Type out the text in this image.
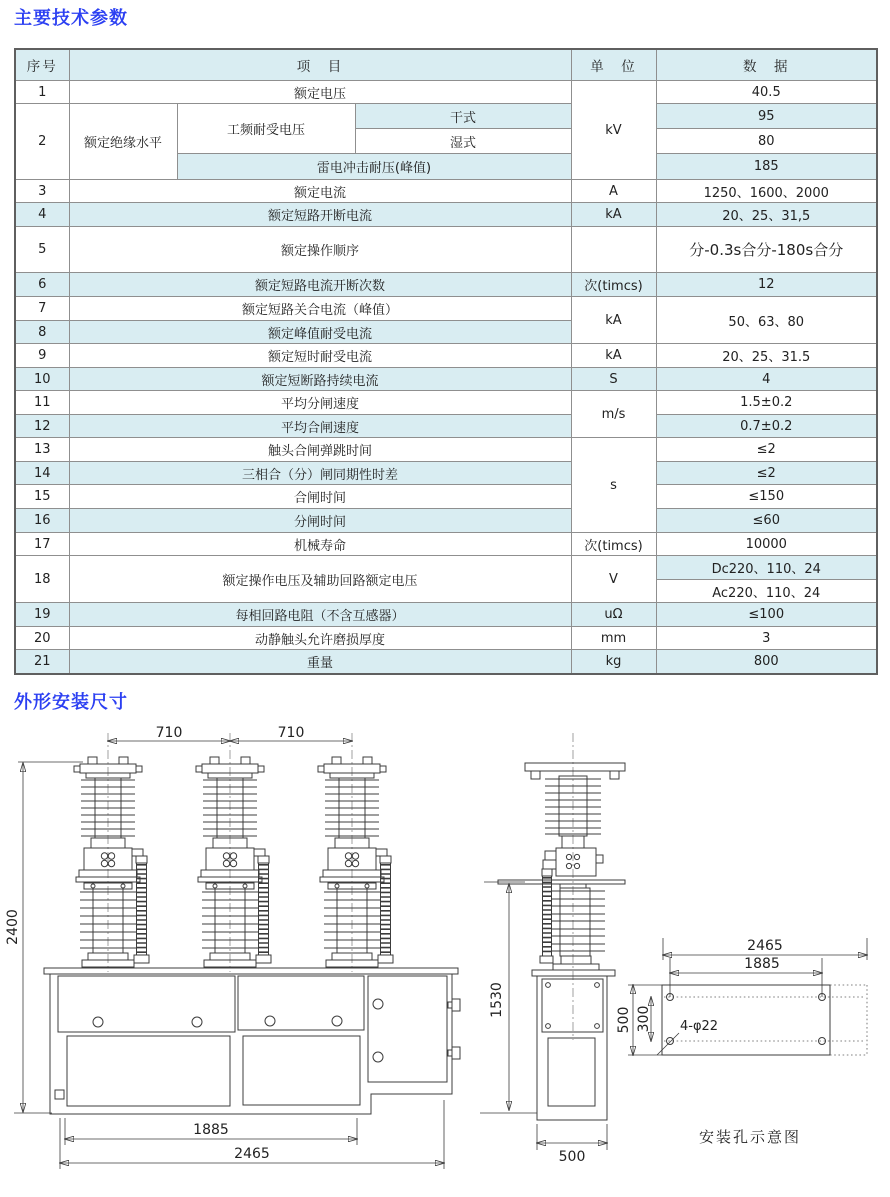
主要技术参数
序号	项　目			单　位	数　据
1	额定电压			kV	40.5
2	额定绝缘水平	工频耐受电压	干式		95
			湿式		80
		雷电冲击耐压(峰值)			185
3	额定电流			A	1250、1600、2000
4	额定短路开断电流			kA	20、25、31,5
5	额定操作顺序				分-0.3s合分-180s合分
6	额定短路电流开断次数			次(timcs)	12
7	额定短路关合电流（峰值）			kA	50、63、80
8	额定峰值耐受电流				
9	额定短时耐受电流			kA	20、25、31.5
10	额定短断路持续电流			S	4
11	平均分闸速度			m/s	1.5±0.2
12	平均合闸速度				0.7±0.2
13	触头合闸弹跳时间			s	≤2
14	三相合（分）闸同期性时差				≤2
15	合闸时间				≤150
16	分闸时间				≤60
17	机械寿命			次(timcs)	10000
18	额定操作电压及辅助回路额定电压			V	Dc220、110、24
					Ac220、110、24
19	每相回路电阻（不含互感器）			uΩ	≤100
20	动静触头允许磨损厚度			mm	3
21	重量			kg	800
外形安装尺寸
710	710
2400
1885
2465
1530
500
2465
1885
500 300 4-φ22
安装孔示意图
